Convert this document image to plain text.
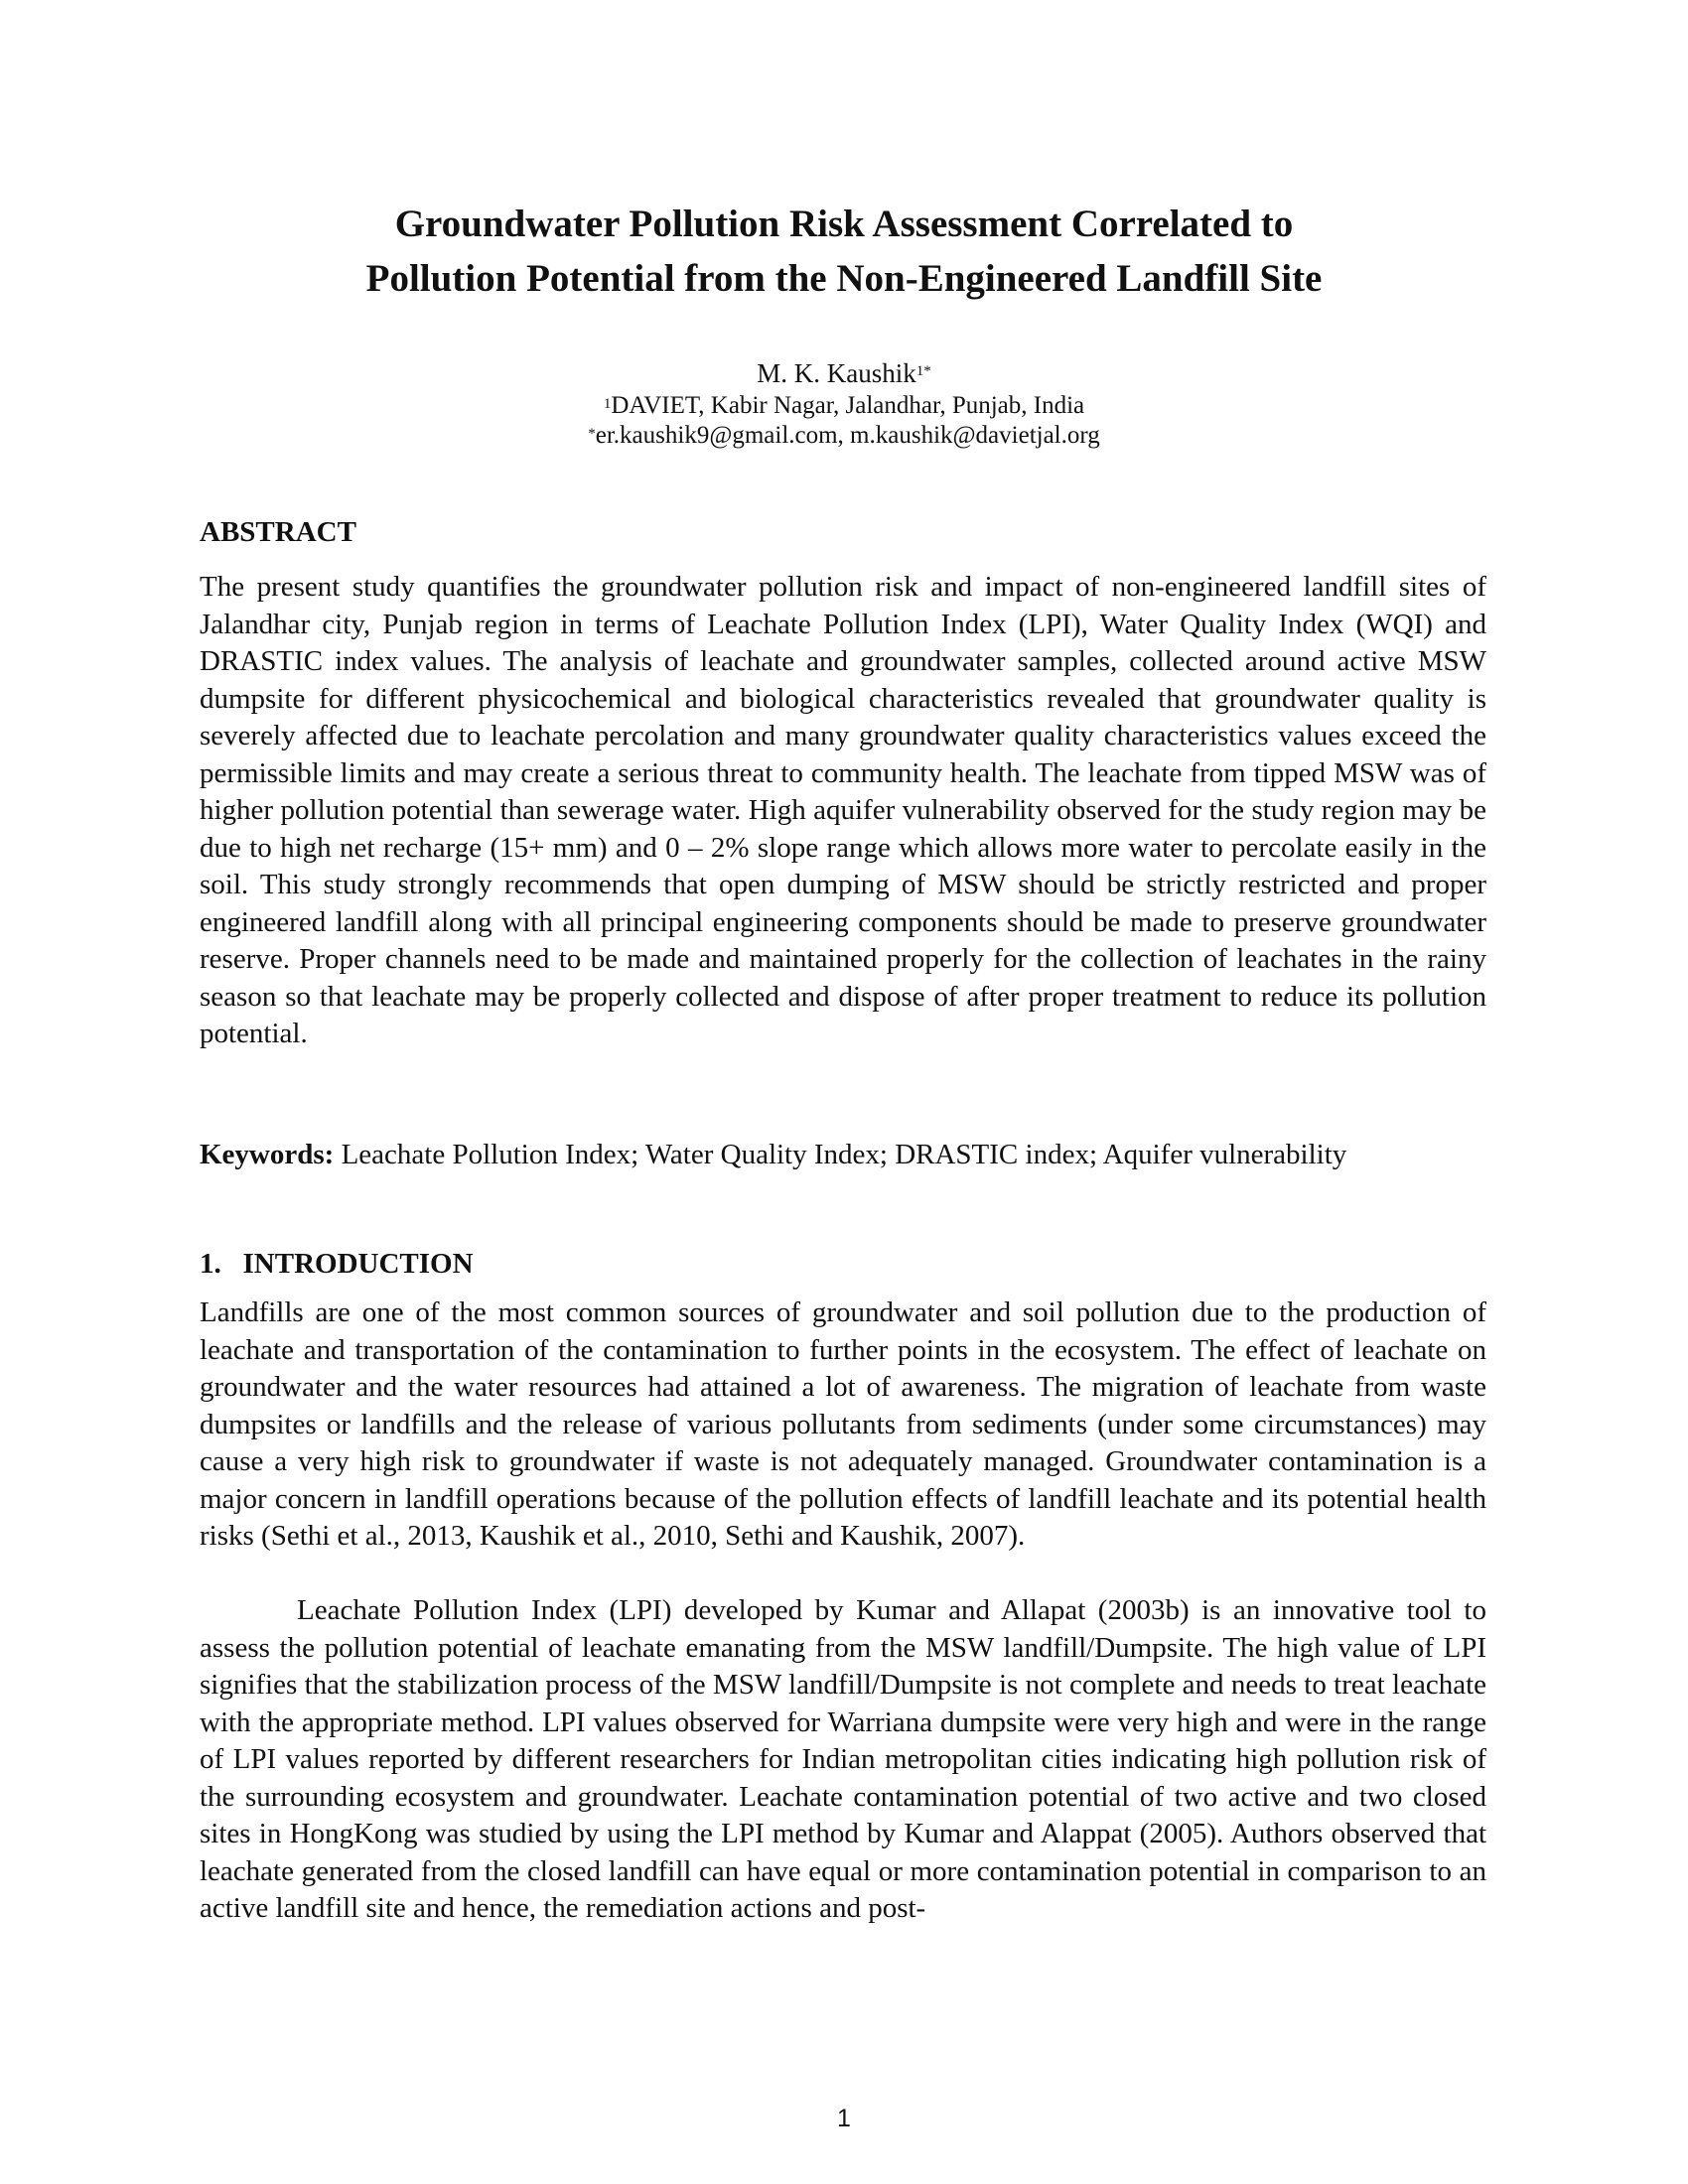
Groundwater Pollution Risk Assessment Correlated to
Pollution Potential from the Non-Engineered Landfill Site
M. K. Kaushik$^{1*}$
$^1$DAVIET, Kabir Nagar, Jalandhar, Punjab, India
*er.kaushik9@gmail.com, m.kaushik@davietjal.org
ABSTRACT
The present study quantifies the groundwater pollution risk and impact of non-engineered landfill sites of Jalandhar city, Punjab region in terms of Leachate Pollution Index (LPI), Water Quality Index (WQI) and DRASTIC index values. The analysis of leachate and groundwater samples, collected around active MSW dumpsite for different physicochemical and biological characteristics revealed that groundwater quality is severely affected due to leachate percolation and many groundwater quality characteristics values exceed the permissible limits and may create a serious threat to community health. The leachate from tipped MSW was of higher pollution potential than sewerage water. High aquifer vulnerability observed for the study region may be due to high net recharge (15+ mm) and 0 – 2% slope range which allows more water to percolate easily in the soil. This study strongly recommends that open dumping of MSW should be strictly restricted and proper engineered landfill along with all principal engineering components should be made to preserve groundwater reserve. Proper channels need to be made and maintained properly for the collection of leachates in the rainy season so that leachate may be properly collected and dispose of after proper treatment to reduce its pollution potential.
Keywords: Leachate Pollution Index; Water Quality Index; DRASTIC index; Aquifer vulnerability
1.   INTRODUCTION
Landfills are one of the most common sources of groundwater and soil pollution due to the production of leachate and transportation of the contamination to further points in the ecosystem. The effect of leachate on groundwater and the water resources had attained a lot of awareness. The migration of leachate from waste dumpsites or landfills and the release of various pollutants from sediments (under some circumstances) may cause a very high risk to groundwater if waste is not adequately managed. Groundwater contamination is a major concern in landfill operations because of the pollution effects of landfill leachate and its potential health risks (Sethi et al., 2013, Kaushik et al., 2010, Sethi and Kaushik, 2007).
Leachate Pollution Index (LPI) developed by Kumar and Allapat (2003b) is an innovative tool to assess the pollution potential of leachate emanating from the MSW landfill/Dumpsite. The high value of LPI signifies that the stabilization process of the MSW landfill/Dumpsite is not complete and needs to treat leachate with the appropriate method. LPI values observed for Warriana dumpsite were very high and were in the range of LPI values reported by different researchers for Indian metropolitan cities indicating high pollution risk of the surrounding ecosystem and groundwater. Leachate contamination potential of two active and two closed sites in HongKong was studied by using the LPI method by Kumar and Alappat (2005). Authors observed that leachate generated from the closed landfill can have equal or more contamination potential in comparison to an active landfill site and hence, the remediation actions and post-
1
